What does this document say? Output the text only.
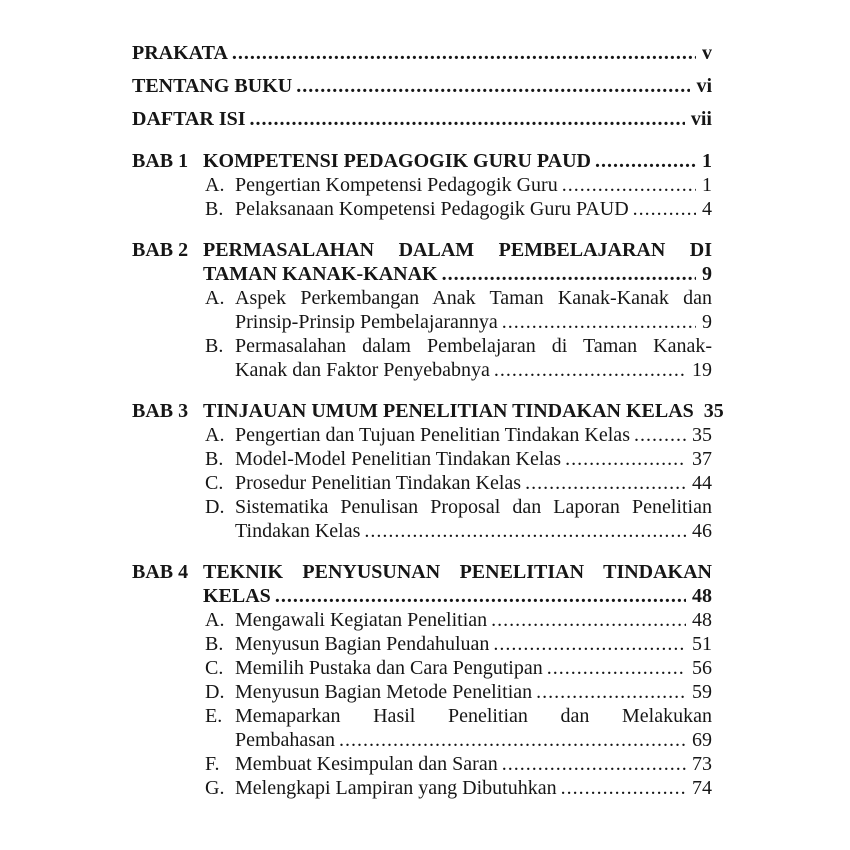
PRAKATA .....	v
TENTANG BUKU .....	vi
DAFTAR ISI .....	vii
BAB 1 KOMPETENSI PEDAGOGIK GURU PAUD .....	1
A. Pengertian Kompetensi Pedagogik Guru .....	1
B. Pelaksanaan Kompetensi Pedagogik Guru PAUD .....	4
BAB 2 PERMASALAHAN DALAM PEMBELAJARAN DI
TAMAN KANAK-KANAK .....	9
A. Aspek Perkembangan Anak Taman Kanak-Kanak dan
Prinsip-Prinsip Pembelajarannya .....	9
B. Permasalahan dalam Pembelajaran di Taman Kanak-
Kanak dan Faktor Penyebabnya .....	19
BAB 3 TINJAUAN UMUM PENELITIAN TINDAKAN KELAS 35
A. Pengertian dan Tujuan Penelitian Tindakan Kelas .....	35
B. Model-Model Penelitian Tindakan Kelas .....	37
C. Prosedur Penelitian Tindakan Kelas .....	44
D. Sistematika Penulisan Proposal dan Laporan Penelitian
Tindakan Kelas .....	46
BAB 4 TEKNIK PENYUSUNAN PENELITIAN TINDAKAN
KELAS .....	48
A. Mengawali Kegiatan Penelitian .....	48
B. Menyusun Bagian Pendahuluan .....	51
C. Memilih Pustaka dan Cara Pengutipan .....	56
D. Menyusun Bagian Metode Penelitian .....	59
E. Memaparkan Hasil Penelitian dan Melakukan
Pembahasan .....	69
F. Membuat Kesimpulan dan Saran .....	73
G. Melengkapi Lampiran yang Dibutuhkan .....	74
